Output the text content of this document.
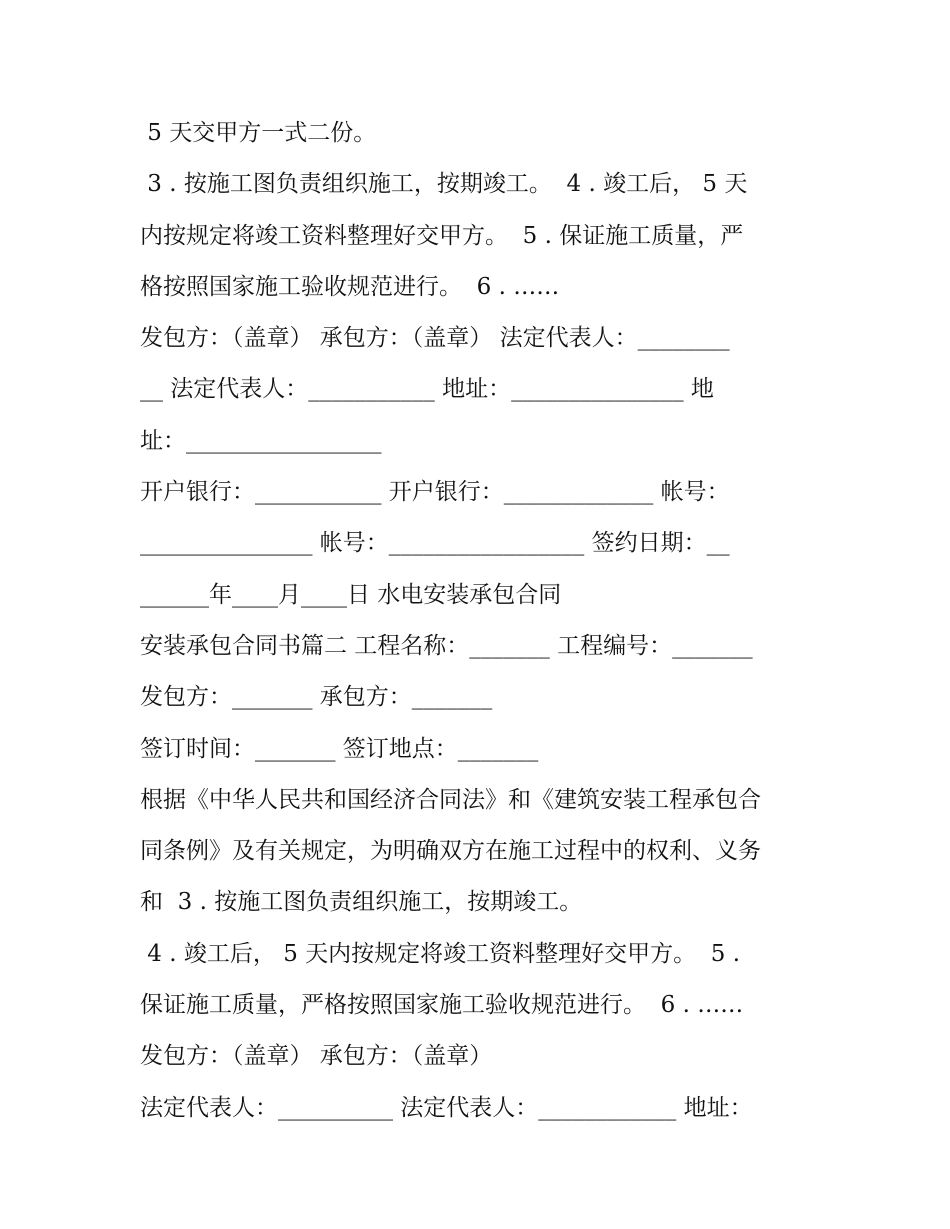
5 天交甲方一式二份。
3 . 按施工图负责组织施工，按期竣工。  4 . 竣工后， 5 天
内按规定将竣工资料整理好交甲方。  5 . 保证施工质量，严
格按照国家施工验收规范进行。  6 . ……
发包方：（盖章） 承包方：（盖章） 法定代表人：________
__ 法定代表人：___________ 地址：_______________ 地
址：_________________
开户银行：___________ 开户银行：_____________ 帐号：
_______________ 帐号：_________________ 签约日期：__
______年____月____日 水电安装承包合同
安装承包合同书篇二 工程名称：_______ 工程编号：_______
发包方：_______ 承包方：_______
签订时间：_______ 签订地点：_______
根据《中华人民共和国经济合同法》和《建筑安装工程承包合
同条例》及有关规定，为明确双方在施工过程中的权利、义务
和  3 . 按施工图负责组织施工，按期竣工。
4 . 竣工后， 5 天内按规定将竣工资料整理好交甲方。  5 .
保证施工质量，严格按照国家施工验收规范进行。  6 . ……
发包方：（盖章） 承包方：（盖章）
法定代表人：__________ 法定代表人：____________ 地址：
